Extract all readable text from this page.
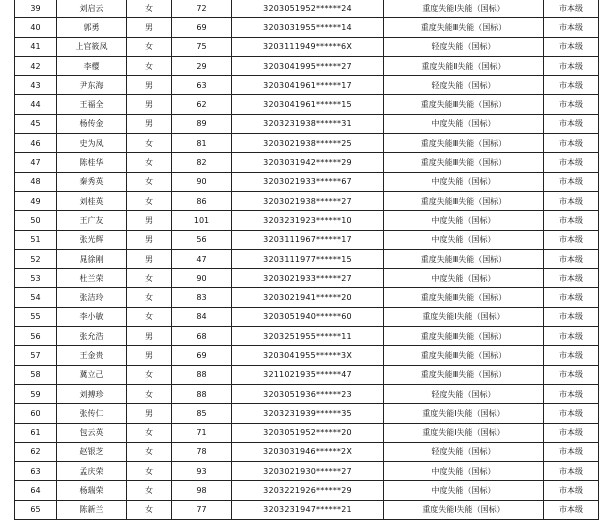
39	刘启云	女	72	3203051952******24	重度失能Ⅰ失能（国标）	市本级
40	郭勇	男	69	3203031955******14	重度失能Ⅲ失能（国标）	市本级
41	上官筱凤	女	75	3203111949******6X	轻度失能（国标）	市本级
42	李樱	女	29	3203041995******27	重度失能Ⅱ失能（国标）	市本级
43	尹东海	男	63	3203041961******17	轻度失能（国标）	市本级
44	王福全	男	62	3203041961******15	重度失能Ⅲ失能（国标）	市本级
45	杨传金	男	89	3203231938******31	中度失能（国标）	市本级
46	史为凤	女	81	3203021938******25	重度失能Ⅲ失能（国标）	市本级
47	陈桂华	女	82	3203031942******29	重度失能Ⅲ失能（国标）	市本级
48	秦秀英	女	90	3203021933******67	中度失能（国标）	市本级
49	刘桂英	女	86	3203021938******27	重度失能Ⅲ失能（国标）	市本级
50	王广友	男	101	3203231923******10	中度失能（国标）	市本级
51	张光辉	男	56	3203111967******17	中度失能（国标）	市本级
52	晁徐刚	男	47	3203111977******15	重度失能Ⅲ失能（国标）	市本级
53	杜兰荣	女	90	3203021933******27	中度失能（国标）	市本级
54	张洁玲	女	83	3203021941******20	重度失能Ⅲ失能（国标）	市本级
55	李小敏	女	84	3203051940******60	重度失能Ⅰ失能（国标）	市本级
56	张允浩	男	68	3203251955******11	重度失能Ⅲ失能（国标）	市本级
57	王金贵	男	69	3203041955******3X	重度失能Ⅲ失能（国标）	市本级
58	冀立己	女	88	3211021935******47	重度失能Ⅲ失能（国标）	市本级
59	刘搏珍	女	88	3203051936******23	轻度失能（国标）	市本级
60	张传仁	男	85	3203231939******35	重度失能Ⅰ失能（国标）	市本级
61	包云英	女	71	3203051952******20	重度失能Ⅰ失能（国标）	市本级
62	赵银芝	女	78	3203031946******2X	轻度失能（国标）	市本级
63	孟庆荣	女	93	3203021930******27	中度失能（国标）	市本级
64	杨瑞荣	女	98	3203221926******29	中度失能（国标）	市本级
65	陈新兰	女	77	3203231947******21	重度失能Ⅰ失能（国标）	市本级
